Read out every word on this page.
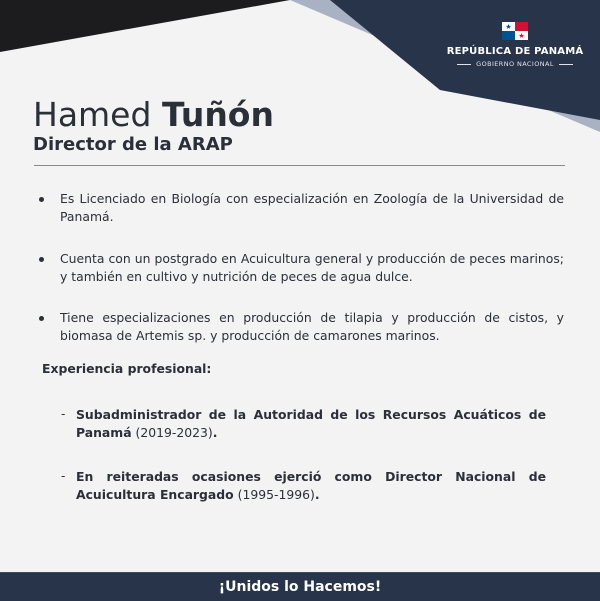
REPÚBLICA DE PANAMÁ
GOBIERNO NACIONAL
Hamed Tuñón
Director de la ARAP
Es Licenciado en Biología con especialización en Zoología de la Universidad de Panamá.
Cuenta con un postgrado en Acuicultura general y producción de peces marinos; y también en cultivo y nutrición de peces de agua dulce.
Tiene especializaciones en producción de tilapia y producción de cistos, y biomasa de Artemis sp. y producción de camarones marinos.
Experiencia profesional:
- Subadministrador de la Autoridad de los Recursos Acuáticos de Panamá (2019-2023).
- En reiteradas ocasiones ejerció como Director Nacional de Acuicultura Encargado (1995-1996).
¡Unidos lo Hacemos!
